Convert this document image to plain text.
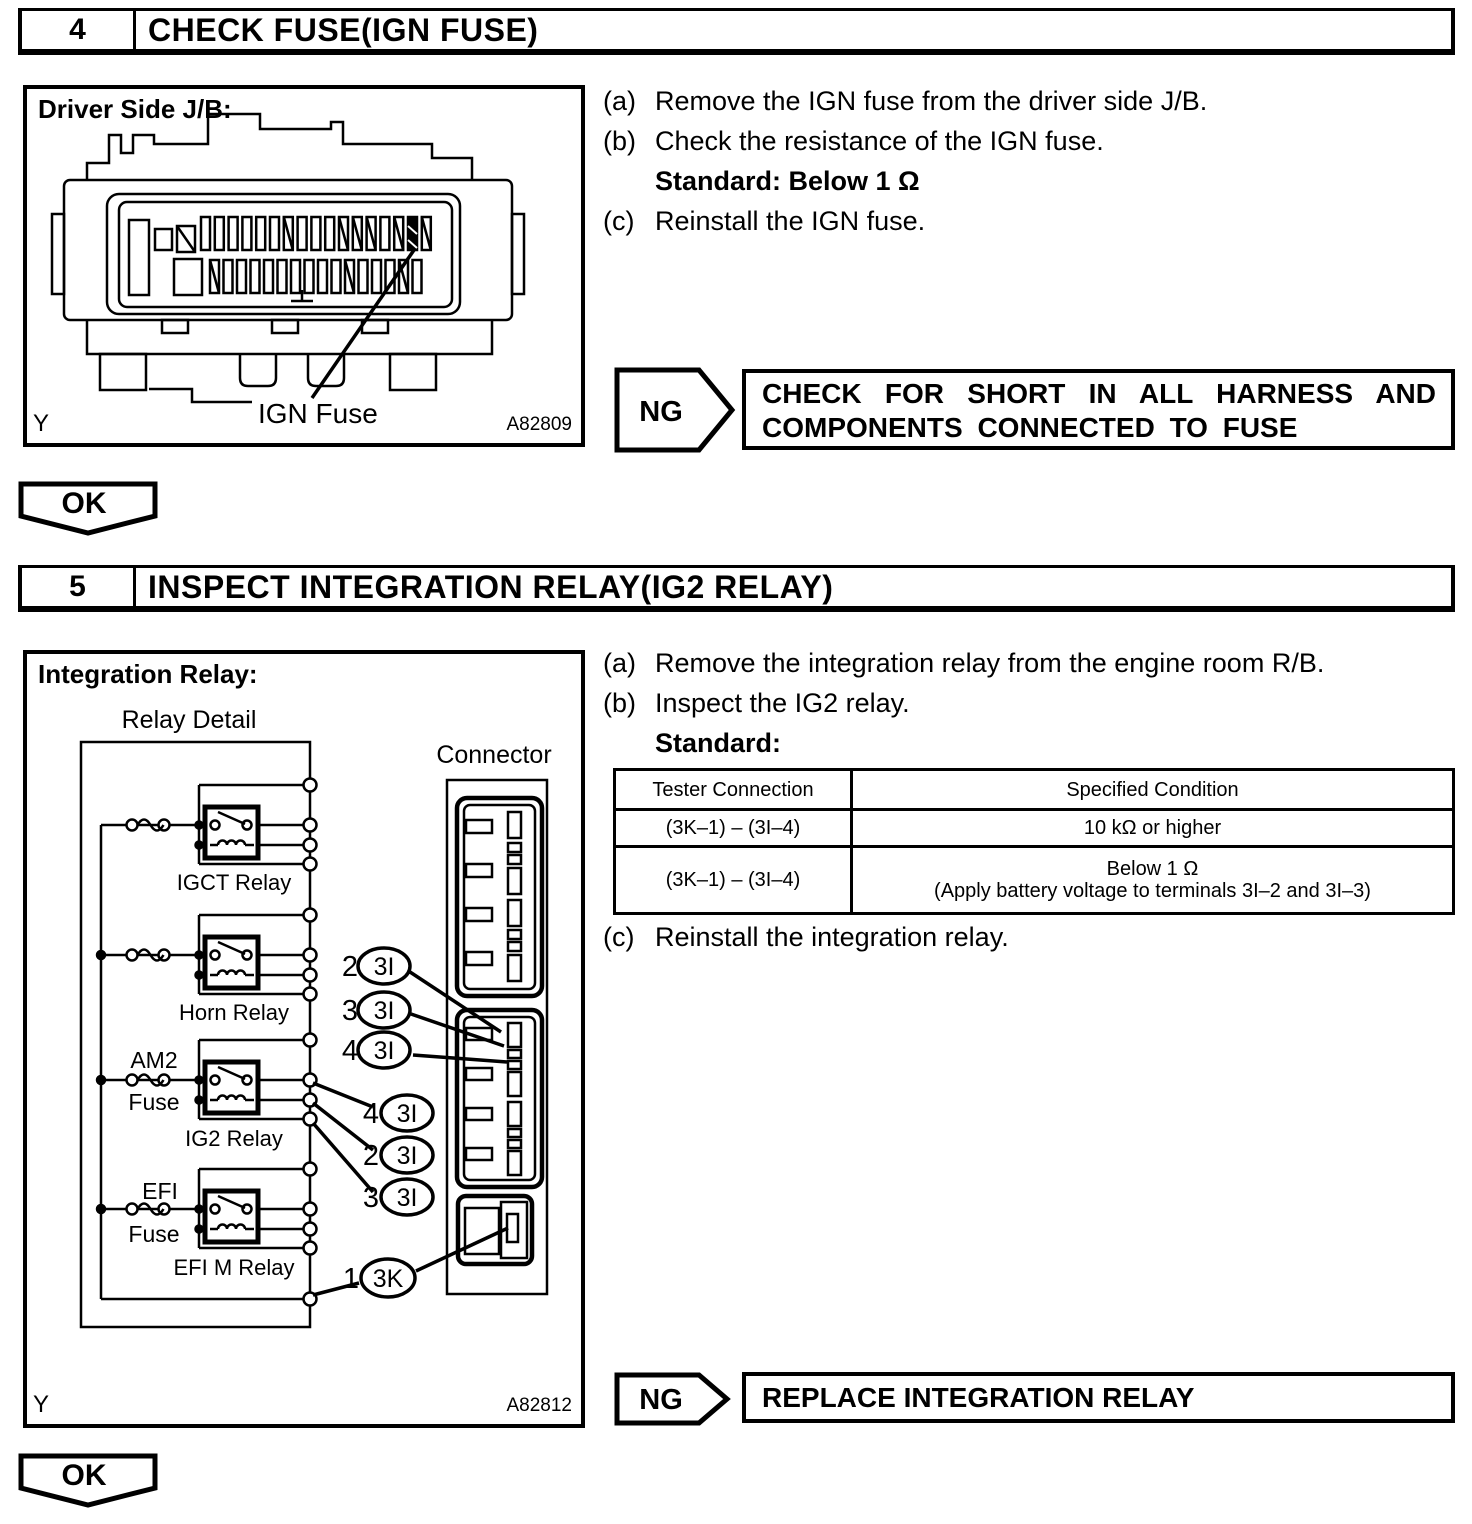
4	CHECK FUSE(IGN FUSE)
IGN Fuse
Driver Side J/B:
Y	A82809
(a) Remove the IGN fuse from the driver side J/B.
(b) Check the resistance of the IGN fuse.
Standard: Below 1 Ω
(c) Reinstall the IGN fuse.
NG
CHECK FOR SHORT IN ALL HARNESS AND
COMPONENTS CONNECTED TO FUSE
OK
5	INSPECT INTEGRATION RELAY(IG2 RELAY)
Relay Detail
Connector
IGCT Relay
Horn Relay
IG2 Relay
EFI M Relay
AM2
Fuse
EFI
Fuse
2 3I
3 3I
4 3I
4 3I
2 3I
3 3I
1 3K
Integration Relay:
Y	A82812
(a) Remove the integration relay from the engine room R/B.
(b) Inspect the IG2 relay.
Standard:
Tester Connection	Specified Condition
(3K–1) – (3I–4)	10 kΩ or higher
(3K–1) – (3I–4)	Below 1 Ω
(Apply battery voltage to terminals 3I–2 and 3I–3)
(c) Reinstall the integration relay.
NG	REPLACE INTEGRATION RELAY
OK
